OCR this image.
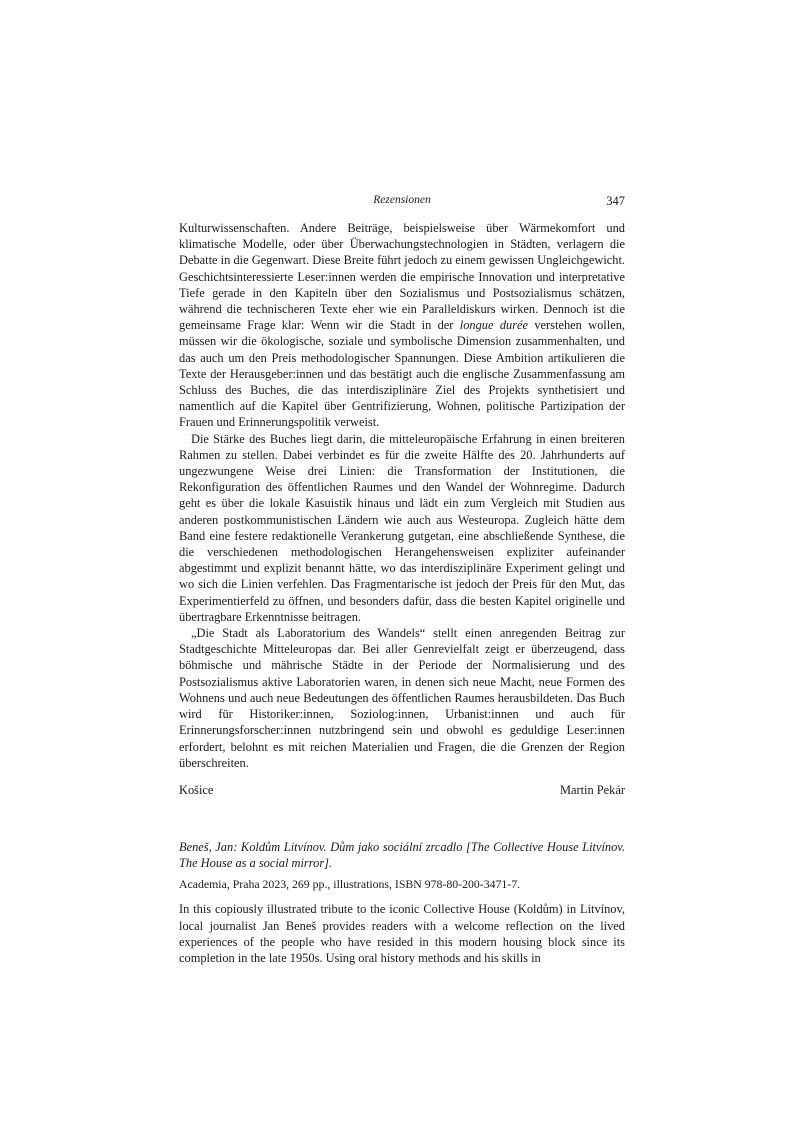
Rezensionen	347

Kulturwissenschaften. Andere Beiträge, beispielsweise über Wärmekomfort und klimatische Modelle, oder über Überwachungstechnologien in Städten, verlagern die Debatte in die Gegenwart. Diese Breite führt jedoch zu einem gewissen Ungleichgewicht. Geschichtsinteressierte Leser:innen werden die empirische Innovation und interpretative Tiefe gerade in den Kapiteln über den Sozialismus und Postsozialismus schätzen, während die technischeren Texte eher wie ein Paralleldiskurs wirken. Dennoch ist die gemeinsame Frage klar: Wenn wir die Stadt in der longue durée verstehen wollen, müssen wir die ökologische, soziale und symbolische Dimension zusammenhalten, und das auch um den Preis methodologischer Spannungen. Diese Ambition artikulieren die Texte der Herausgeber:innen und das bestätigt auch die englische Zusammenfassung am Schluss des Buches, die das interdisziplinäre Ziel des Projekts synthetisiert und namentlich auf die Kapitel über Gentrifizierung, Wohnen, politische Partizipation der Frauen und Erinnerungspolitik verweist.

Die Stärke des Buches liegt darin, die mitteleuropäische Erfahrung in einen breiteren Rahmen zu stellen. Dabei verbindet es für die zweite Hälfte des 20. Jahrhunderts auf ungezwungene Weise drei Linien: die Transformation der Institutionen, die Rekonfiguration des öffentlichen Raumes und den Wandel der Wohnregime. Dadurch geht es über die lokale Kasuistik hinaus und lädt ein zum Vergleich mit Studien aus anderen postkommunistischen Ländern wie auch aus Westeuropa. Zugleich hätte dem Band eine festere redaktionelle Verankerung gutgetan, eine abschließende Synthese, die die verschiedenen methodologischen Herangehensweisen expliziter aufeinander abgestimmt und explizit benannt hätte, wo das interdisziplinäre Experiment gelingt und wo sich die Linien verfehlen. Das Fragmentarische ist jedoch der Preis für den Mut, das Experimentierfeld zu öffnen, und besonders dafür, dass die besten Kapitel originelle und übertragbare Erkenntnisse beitragen.

„Die Stadt als Laboratorium des Wandels“ stellt einen anregenden Beitrag zur Stadtgeschichte Mitteleuropas dar. Bei aller Genrevielfalt zeigt er überzeugend, dass böhmische und mährische Städte in der Periode der Normalisierung und des Postsozialismus aktive Laboratorien waren, in denen sich neue Macht, neue Formen des Wohnens und auch neue Bedeutungen des öffentlichen Raumes herausbildeten. Das Buch wird für Historiker:innen, Soziolog:innen, Urbanist:innen und auch für Erinnerungsforscher:innen nutzbringend sein und obwohl es geduldige Leser:innen erfordert, belohnt es mit reichen Materialien und Fragen, die die Grenzen der Region überschreiten.

Košice	Martin Pekár
Beneš, Jan: Koldům Litvínov. Dům jako sociální zrcadlo [The Collective House Litvínov. The House as a social mirror].
Academia, Praha 2023, 269 pp., illustrations, ISBN 978-80-200-3471-7.

In this copiously illustrated tribute to the iconic Collective House (Koldům) in Litvínov, local journalist Jan Beneš provides readers with a welcome reflection on the lived experiences of the people who have resided in this modern housing block since its completion in the late 1950s. Using oral history methods and his skills in
